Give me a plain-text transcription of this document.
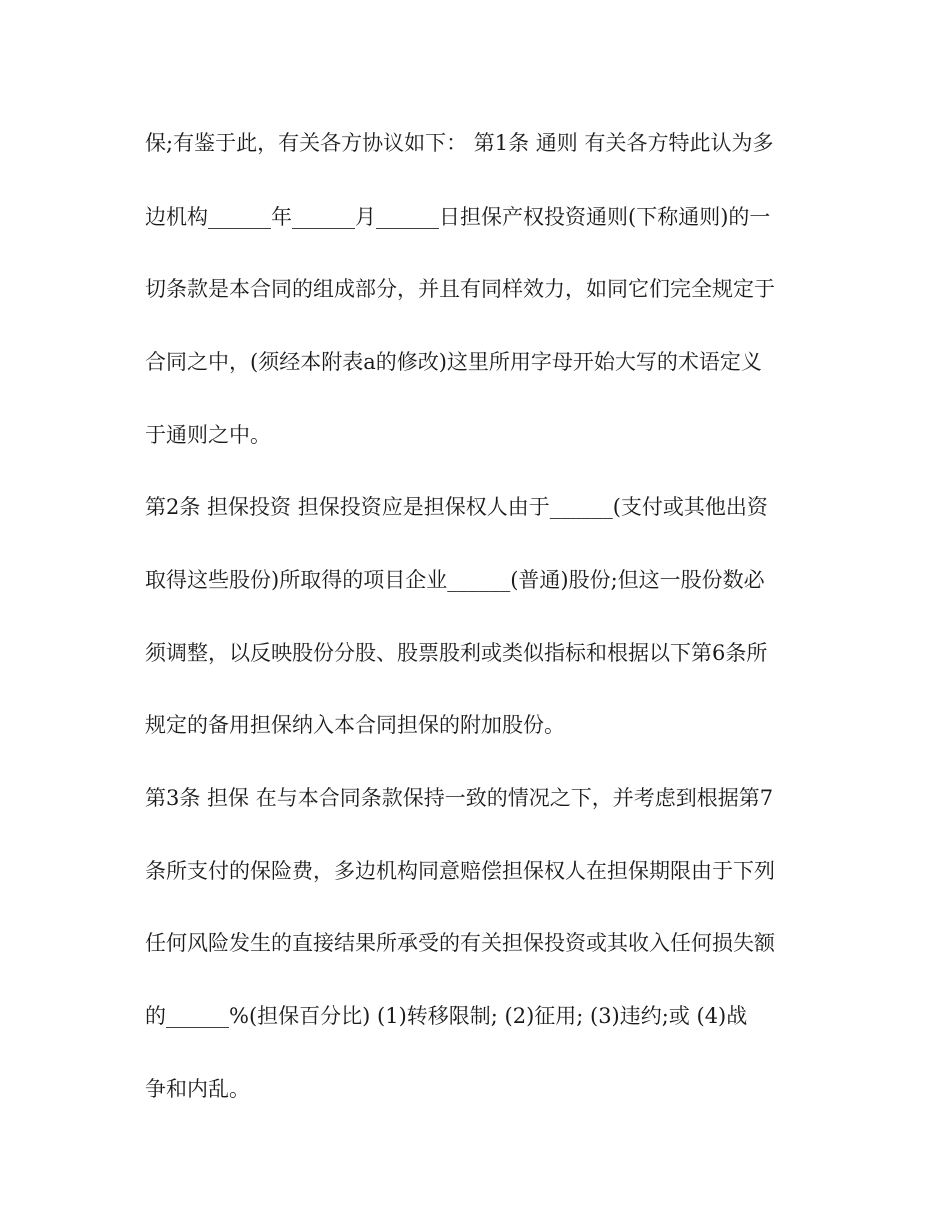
保;有鉴于此，有关各方协议如下： 第1条 通则 有关各方特此认为多

边机构______年______月______日担保产权投资通则(下称通则)的一

切条款是本合同的组成部分，并且有同样效力，如同它们完全规定于

合同之中，(须经本附表a的修改)这里所用字母开始大写的术语定义

于通则之中。

第2条 担保投资 担保投资应是担保权人由于______(支付或其他出资

取得这些股份)所取得的项目企业______(普通)股份;但这一股份数必

须调整，以反映股份分股、股票股利或类似指标和根据以下第6条所

规定的备用担保纳入本合同担保的附加股份。

第3条 担保 在与本合同条款保持一致的情况之下，并考虑到根据第7

条所支付的保险费，多边机构同意赔偿担保权人在担保期限由于下列

任何风险发生的直接结果所承受的有关担保投资或其收入任何损失额

的______%(担保百分比) (1)转移限制; (2)征用; (3)违约;或 (4)战

争和内乱。
